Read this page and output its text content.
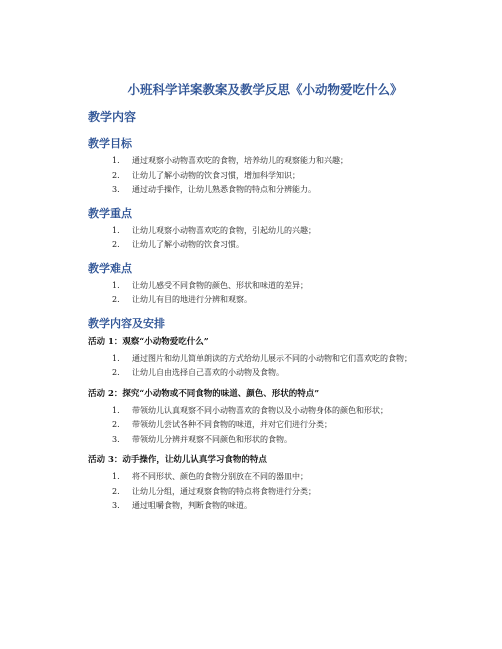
小班科学详案教案及教学反思《小动物爱吃什么》
教学内容
教学目标
1. 通过观察小动物喜欢吃的食物，培养幼儿的观察能力和兴趣；
2. 让幼儿了解小动物的饮食习惯，增加科学知识；
3. 通过动手操作，让幼儿熟悉食物的特点和分辨能力。
教学重点
1. 让幼儿观察小动物喜欢吃的食物，引起幼儿的兴趣；
2. 让幼儿了解小动物的饮食习惯。
教学难点
1. 让幼儿感受不同食物的颜色、形状和味道的差异；
2. 让幼儿有目的地进行分辨和观察。
教学内容及安排
活动 1：观察“小动物爱吃什么”
1. 通过图片和幼儿简单朗读的方式给幼儿展示不同的小动物和它们喜欢吃的食物；
2. 让幼儿自由选择自己喜欢的小动物及食物。
活动 2：探究“小动物或不同食物的味道、颜色、形状的特点”
1. 带领幼儿认真观察不同小动物喜欢的食物以及小动物身体的颜色和形状；
2. 带领幼儿尝试各种不同食物的味道，并对它们进行分类；
3. 带领幼儿分辨并观察不同颜色和形状的食物。
活动 3：动手操作，让幼儿认真学习食物的特点
1. 将不同形状、颜色的食物分别放在不同的器皿中；
2. 让幼儿分组，通过观察食物的特点将食物进行分类；
3. 通过咀嚼食物，判断食物的味道。
